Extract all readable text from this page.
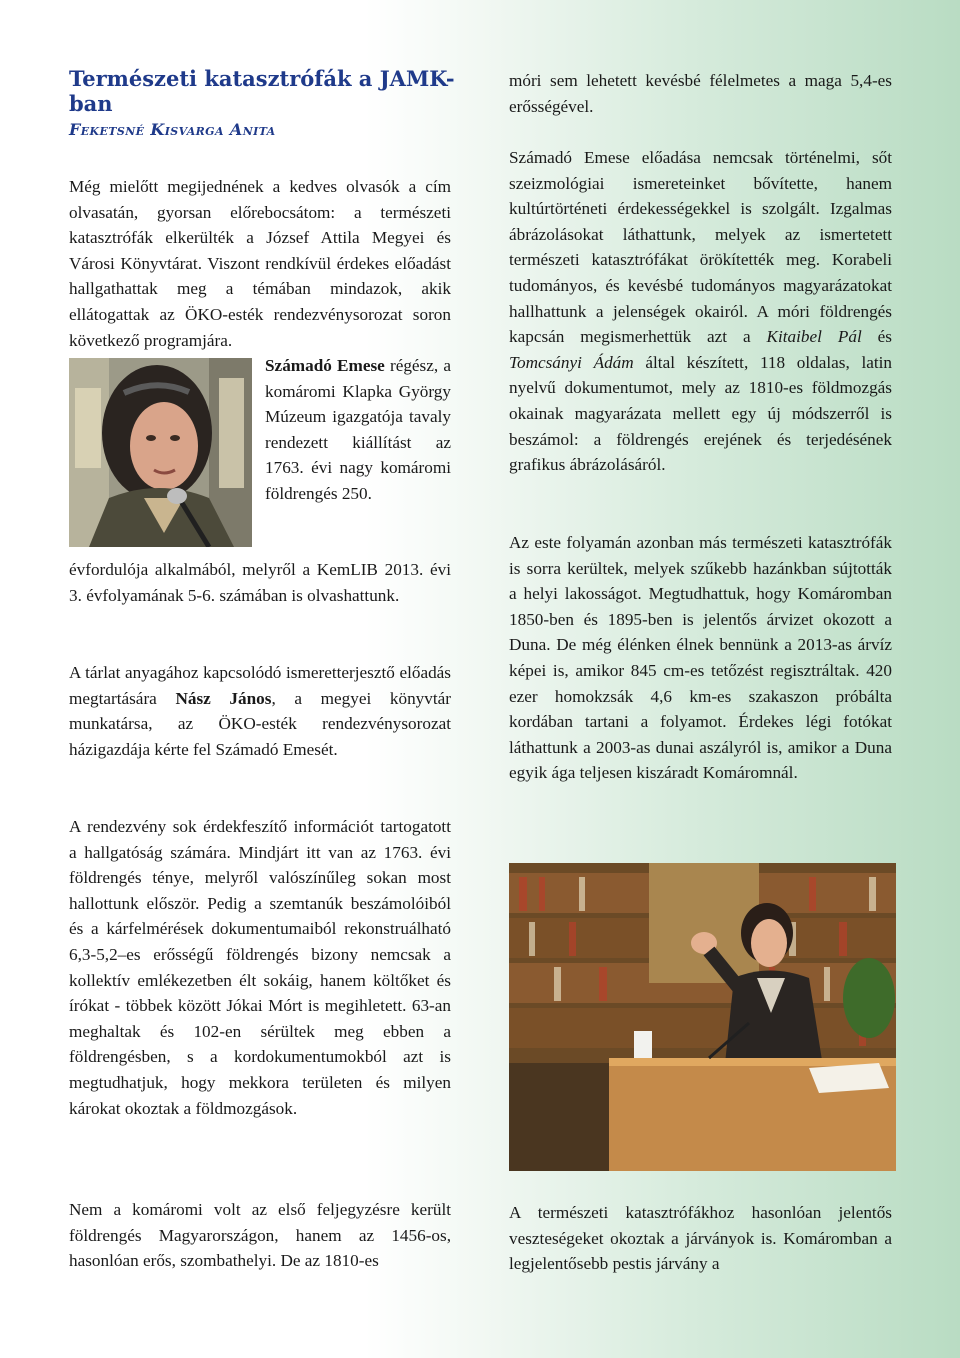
Természeti katasztrófák a JAMK-ban
Feketsné Kisvarga Anita

Még mielőtt megijednének a kedves olvasók a cím olvasatán, gyorsan előrebocsátom: a természeti katasztrófák elkerülték a József Attila Megyei és Városi Könyvtárat. Viszont rendkívül érdekes előadást hallgathattak meg a témában mindazok, akik ellátogattak az ÖKO-esték rendezvénysorozat soron következő programjára.

Számadó Emese régész, a komáromi Klapka György Múzeum igazgatója tavaly rendezett kiállítást az 1763. évi nagy komáromi földrengés 250.

évfordulója alkalmából, melyről a KemLIB 2013. évi 3. évfolyamának 5-6. számában is olvashattunk.

A tárlat anyagához kapcsolódó ismeretterjesztő előadás megtartására Nász János, a megyei könyvtár munkatársa, az ÖKO-esték rendezvénysorozat házigazdája kérte fel Számadó Emesét.

A rendezvény sok érdekfeszítő információt tartogatott a hallgatóság számára. Mindjárt itt van az 1763. évi földrengés ténye, melyről valószínűleg sokan most hallottunk először. Pedig a szemtanúk beszámolóiból és a kárfelmérések dokumentumaiból rekonstruálható 6,3-5,2–es erősségű földrengés bizony nemcsak a kollektív emlékezetben élt sokáig, hanem költőket és írókat - többek között Jókai Mórt is megihletett. 63-an meghaltak és 102-en sérültek meg ebben a földrengésben, s a kordokumentumokból azt is megtudhatjuk, hogy mekkora területen és milyen károkat okoztak a földmozgások.

Nem a komáromi volt az első feljegyzésre került földrengés Magyarországon, hanem az 1456-os, hasonlóan erős, szombathelyi. De az 1810-es

móri sem lehetett kevésbé félelmetes a maga 5,4-es erősségével.

Számadó Emese előadása nemcsak történelmi, sőt szeizmológiai ismereteinket bővítette, hanem kultúrtörténeti érdekességekkel is szolgált. Izgalmas ábrázolásokat láthattunk, melyek az ismertetett természeti katasztrófákat örökítették meg. Korabeli tudományos, és kevésbé tudományos magyarázatokat hallhattunk a jelenségek okairól. A móri földrengés kapcsán megismerhettük azt a Kitaibel Pál és Tomcsányi Ádám által készített, 118 oldalas, latin nyelvű dokumentumot, mely az 1810-es földmozgás okainak magyarázata mellett egy új módszerről is beszámol: a földrengés erejének és terjedésének grafikus ábrázolásáról.

Az este folyamán azonban más természeti katasztrófák is sorra kerültek, melyek szűkebb hazánkban sújtották a helyi lakosságot. Megtudhattuk, hogy Komáromban 1850-ben és 1895-ben is jelentős árvizet okozott a Duna. De még élénken élnek bennünk a 2013-as árvíz képei is, amikor 845 cm-es tetőzést regisztráltak. 420 ezer homokzsák 4,6 km-es szakaszon próbálta kordában tartani a folyamot. Érdekes légi fotókat láthattunk a 2003-as dunai aszályról is, amikor a Duna egyik ága teljesen kiszáradt Komáromnál.

A természeti katasztrófákhoz hasonlóan jelentős veszteségeket okoztak a járványok is. Komáromban a legjelentősebb pestis járvány a
